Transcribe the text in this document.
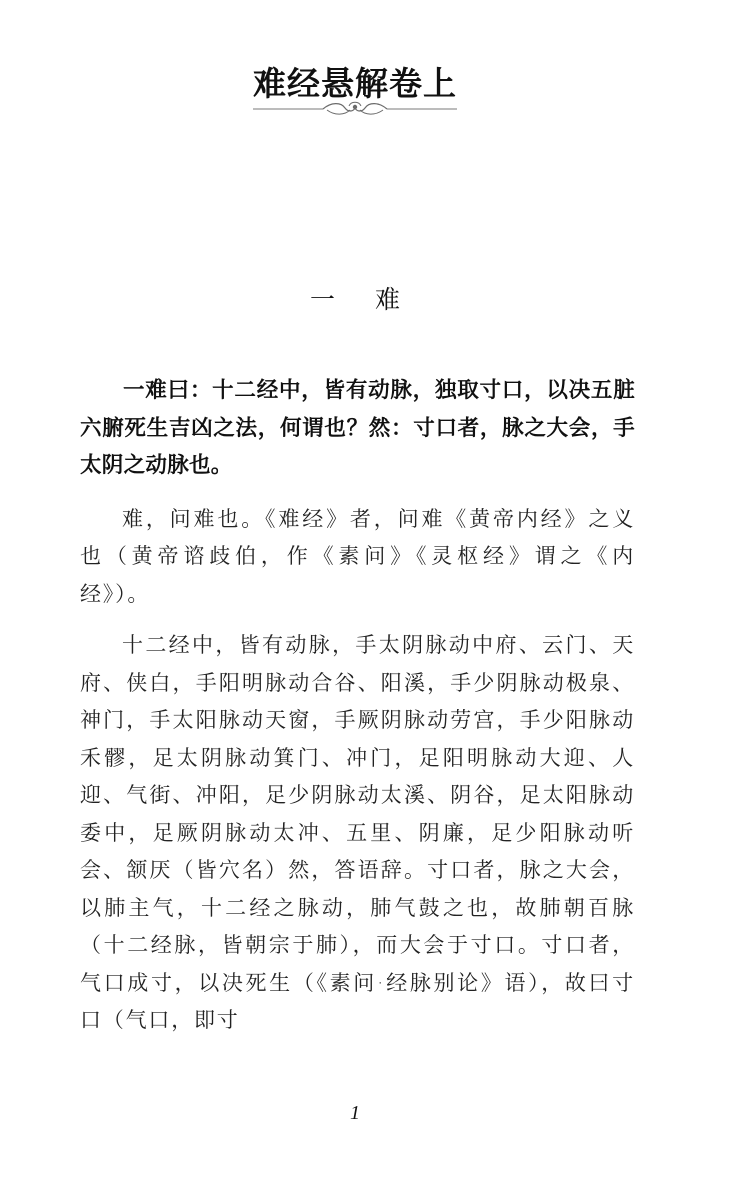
难经悬解卷上
一 难

一难曰：十二经中，皆有动脉，独取寸口，以决五脏六腑死生吉凶之法，何谓也？然：寸口者，脉之大会，手太阴之动脉也。

难，问难也。《难经》者，问难《黄帝内经》之义也（黄帝谘歧伯，作《素问》《灵枢经》谓之《内经》）。

十二经中，皆有动脉，手太阴脉动中府、云门、天府、侠白，手阳明脉动合谷、阳溪，手少阴脉动极泉、神门，手太阳脉动天窗，手厥阴脉动劳宫，手少阳脉动禾髎，足太阴脉动箕门、冲门，足阳明脉动大迎、人迎、气街、冲阳，足少阴脉动太溪、阴谷，足太阳脉动委中，足厥阴脉动太冲、五里、阴廉，足少阳脉动听会、颔厌（皆穴名）然，答语辞。寸口者，脉之大会，以肺主气，十二经之脉动，肺气鼓之也，故肺朝百脉（十二经脉，皆朝宗于肺），而大会于寸口。寸口者，气口成寸，以决死生（《素问·经脉别论》语），故曰寸口（气口，即寸

1
